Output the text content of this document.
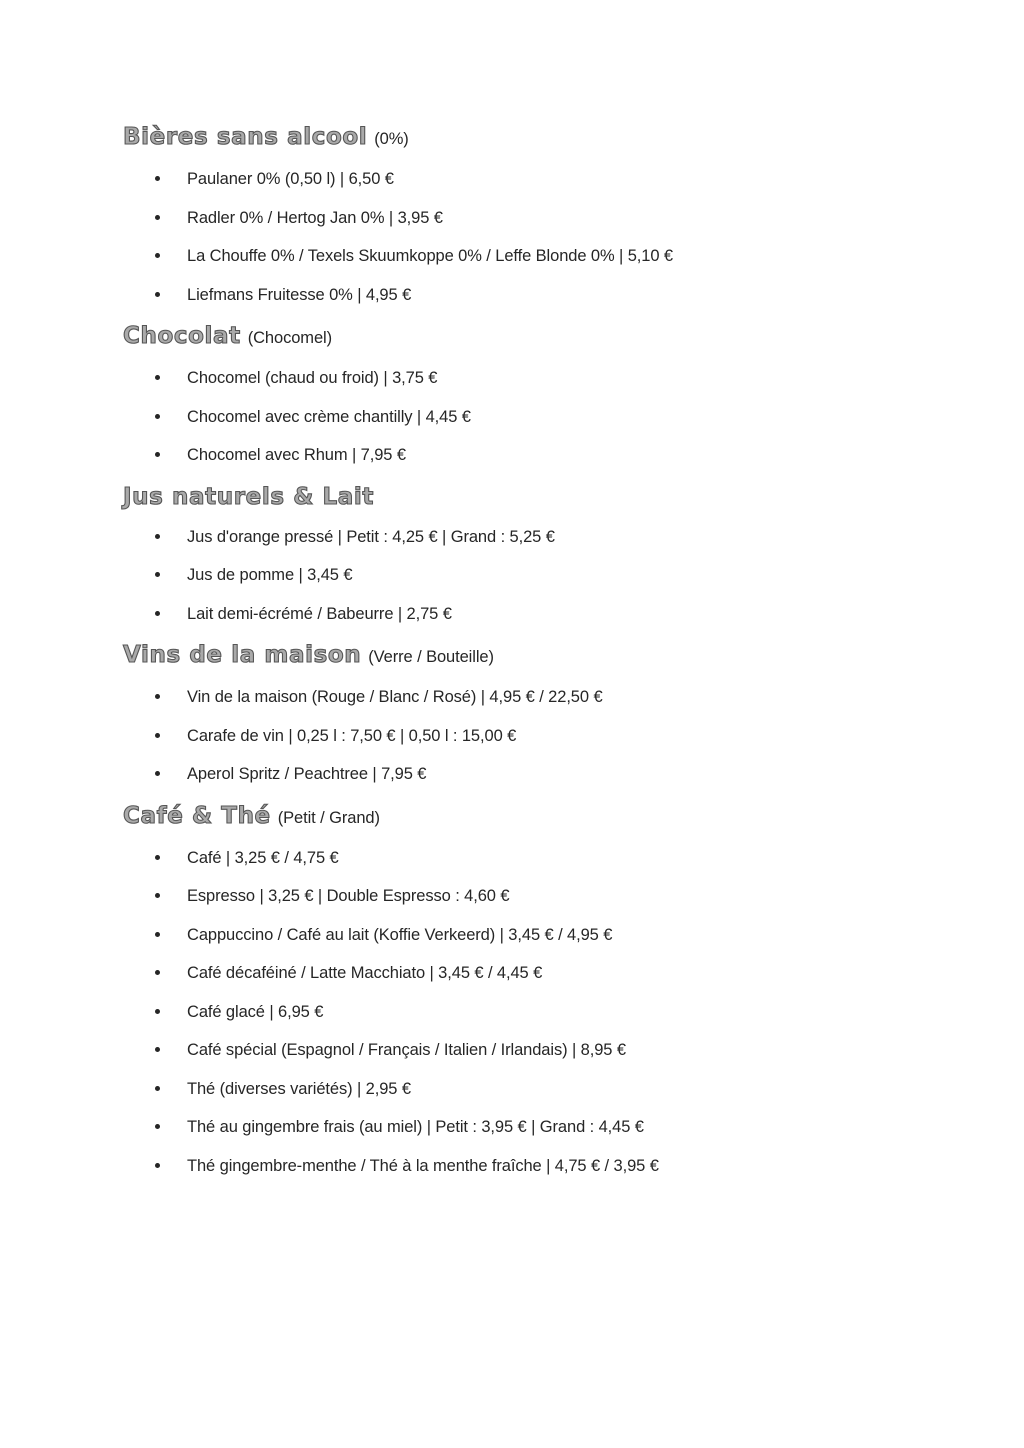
Bières sans alcool (0%)
Paulaner 0% (0,50 l) | 6,50 €
Radler 0% / Hertog Jan 0% | 3,95 €
La Chouffe 0% / Texels Skuumkoppe 0% / Leffe Blonde 0% | 5,10 €
Liefmans Fruitesse 0% | 4,95 €
Chocolat (Chocomel)
Chocomel (chaud ou froid) | 3,75 €
Chocomel avec crème chantilly | 4,45 €
Chocomel avec Rhum | 7,95 €
Jus naturels & Lait
Jus d'orange pressé | Petit : 4,25 € | Grand : 5,25 €
Jus de pomme | 3,45 €
Lait demi-écrémé / Babeurre | 2,75 €
Vins de la maison (Verre / Bouteille)
Vin de la maison (Rouge / Blanc / Rosé) | 4,95 € / 22,50 €
Carafe de vin | 0,25 l : 7,50 € | 0,50 l : 15,00 €
Aperol Spritz / Peachtree | 7,95 €
Café & Thé (Petit / Grand)
Café | 3,25 € / 4,75 €
Espresso | 3,25 € | Double Espresso : 4,60 €
Cappuccino / Café au lait (Koffie Verkeerd) | 3,45 € / 4,95 €
Café décaféiné / Latte Macchiato | 3,45 € / 4,45 €
Café glacé | 6,95 €
Café spécial (Espagnol / Français / Italien / Irlandais) | 8,95 €
Thé (diverses variétés) | 2,95 €
Thé au gingembre frais (au miel) | Petit : 3,95 € | Grand : 4,45 €
Thé gingembre-menthe / Thé à la menthe fraîche | 4,75 € / 3,95 €
